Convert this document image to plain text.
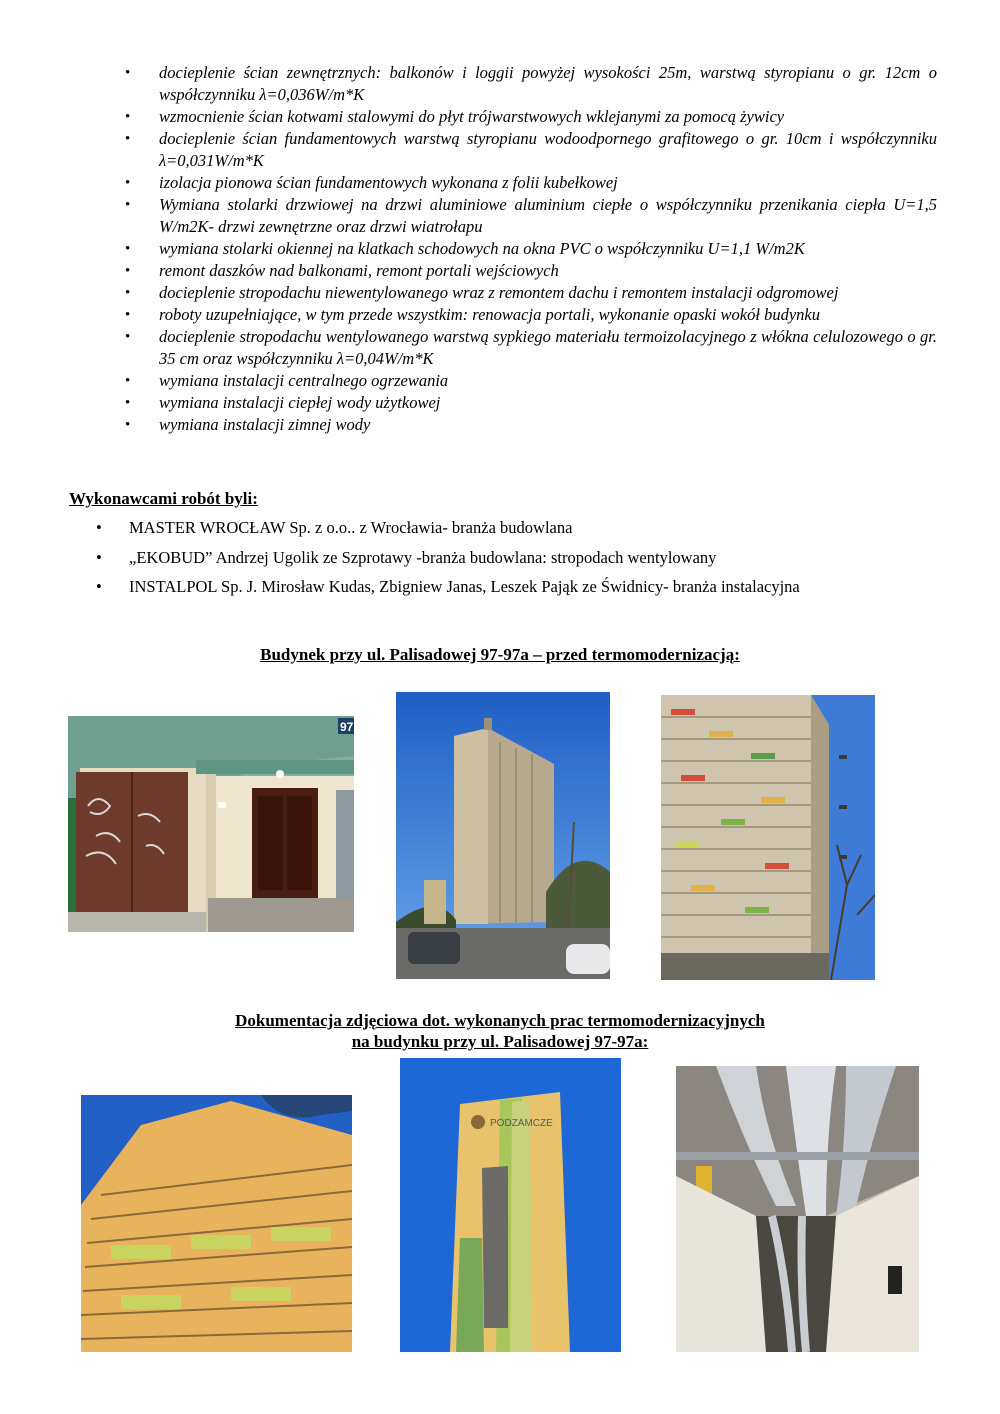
• docieplenie ścian zewnętrznych: balkonów i loggii powyżej wysokości 25m, warstwą styropianu o gr. 12cm o współczynniku λ=0,036W/m*K
• wzmocnienie ścian kotwami stalowymi do płyt trójwarstwowych wklejanymi za pomocą żywicy
• docieplenie ścian fundamentowych warstwą styropianu wodoodpornego grafitowego o gr. 10cm i współczynniku λ=0,031W/m*K
• izolacja pionowa ścian fundamentowych wykonana z folii kubełkowej
• Wymiana stolarki drzwiowej na drzwi aluminiowe aluminium ciepłe o współczynniku przenikania ciepła U=1,5 W/m2K- drzwi zewnętrzne oraz drzwi wiatrołapu
• wymiana stolarki okiennej na klatkach schodowych na okna PVC o współczynniku U=1,1 W/m2K
• remont daszków nad balkonami, remont portali wejściowych
• docieplenie stropodachu niewentylowanego wraz z remontem dachu i remontem instalacji odgromowej
• roboty uzupełniające, w tym przede wszystkim: renowacja portali, wykonanie opaski wokół budynku
• docieplenie stropodachu wentylowanego warstwą sypkiego materiału termoizolacyjnego z włókna celulozowego o gr. 35 cm oraz współczynniku λ=0,04W/m*K
• wymiana instalacji centralnego ogrzewania
• wymiana instalacji ciepłej wody użytkowej
• wymiana instalacji zimnej wody

Wykonawcami robót byli:

• MASTER WROCŁAW Sp. z o.o.. z Wrocławia- branża budowlana
• „EKOBUD” Andrzej Ugolik ze Szprotawy -branża budowlana: stropodach wentylowany
• INSTALPOL Sp. J. Mirosław Kudas, Zbigniew Janas, Leszek Pająk ze Świdnicy- branża instalacyjna

Budynek przy ul. Palisadowej 97-97a – przed termomodernizacją:

97

Dokumentacja zdjęciowa dot. wykonanych prac termomodernizacyjnych

na budynku przy ul. Palisadowej 97-97a:

PODZAMCZE
